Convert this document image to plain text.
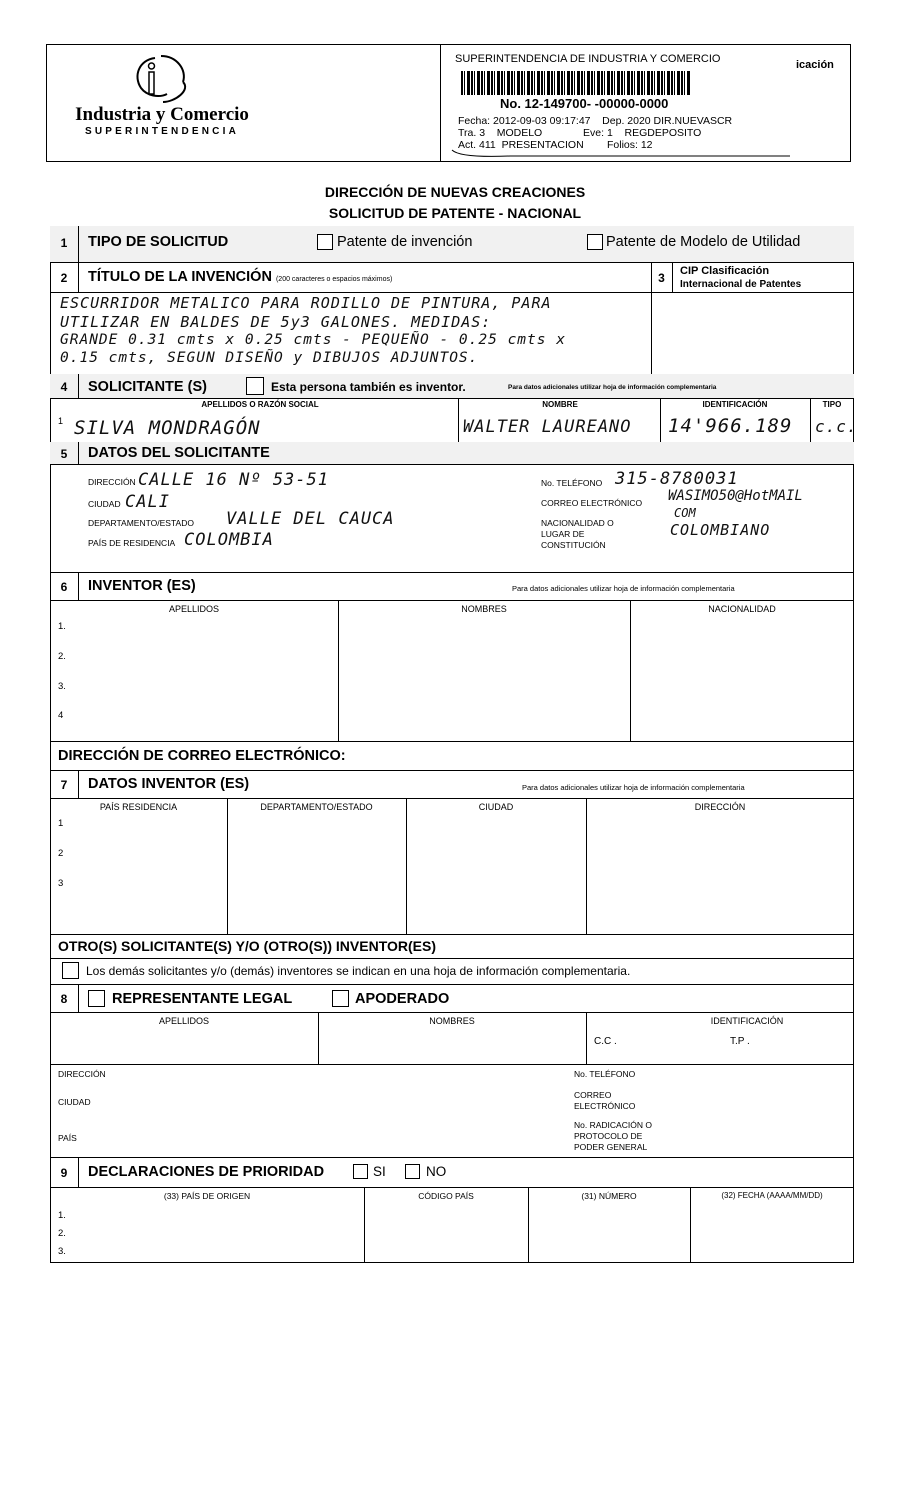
Industria y Comercio
SUPERINTENDENCIA
SUPERINTENDENCIA DE INDUSTRIA Y COMERCIO	icación
No. 12-149700- -00000-0000
Fecha: 2012-09-03 09:17:47    Dep. 2020 DIR.NUEVASCR
Tra. 3    MODELO              Eve: 1    REGDEPOSITO
Act. 411  PRESENTACION        Folios: 12
DIRECCIÓN DE NUEVAS CREACIONES
SOLICITUD DE PATENTE - NACIONAL
1	TIPO DE SOLICITUD	Patente de invención	Patente de Modelo de Utilidad
2	TÍTULO DE LA INVENCIÓN (200 caracteres o espacios máximos)	3	CIP Clasificación
Internacional de Patentes
ESCURRIDOR METALICO PARA RODILLO DE PINTURA, PARA
UTILIZAR EN BALDES DE 5y3 GALONES. MEDIDAS:
GRANDE 0.31 cmts x 0.25 cmts - PEQUEÑO - 0.25 cmts x
0.15 cmts, SEGUN DISEÑO y DIBUJOS ADJUNTOS.
4	SOLICITANTE (S)	Esta persona también es inventor.	Para datos adicionales utilizar hoja de información complementaria
APELLIDOS O RAZÓN SOCIAL	NOMBRE	IDENTIFICACIÓN	TIPO
1 SILVA MONDRAGÓN	WALTER LAUREANO 14'966.189 c.c.
5	DATOS DEL SOLICITANTE
DIRECCIÓN CALLE 16 Nº 53-51
CIUDAD CALI
DEPARTAMENTO/ESTADO VALLE DEL CAUCA
PAÍS DE RESIDENCIA COLOMBIA
No. TELÉFONO 315-8780031
CORREO ELECTRÓNICO WASIMO50@HotMAIL
COM
NACIONALIDAD O
LUGAR DE
CONSTITUCIÓN
COLOMBIANO
6	INVENTOR (ES)	Para datos adicionales utilizar hoja de información complementaria
APELLIDOS	NOMBRES	NACIONALIDAD
1.
2.
3.
4
DIRECCIÓN DE CORREO ELECTRÓNICO:
7	DATOS INVENTOR (ES)	Para datos adicionales utilizar hoja de información complementaria
PAÍS RESIDENCIA	DEPARTAMENTO/ESTADO	CIUDAD	DIRECCIÓN
1
2
3
OTRO(S) SOLICITANTE(S) Y/O (OTRO(S)) INVENTOR(ES)
Los demás solicitantes y/o (demás) inventores se indican en una hoja de información complementaria.
8	REPRESENTANTE LEGAL	APODERADO
APELLIDOS	NOMBRES	IDENTIFICACIÓN
C.C .	T.P .
DIRECCIÓN
CIUDAD
PAÍS
No. TELÉFONO
CORREO
ELECTRÓNICO
No. RADICACIÓN O
PROTOCOLO DE
PODER GENERAL
9	DECLARACIONES DE PRIORIDAD	SI	NO
(33) PAÍS DE ORIGEN	CÓDIGO PAÍS	(31) NÚMERO	(32) FECHA (AAAA/MM/DD)
1.
2.
3.
